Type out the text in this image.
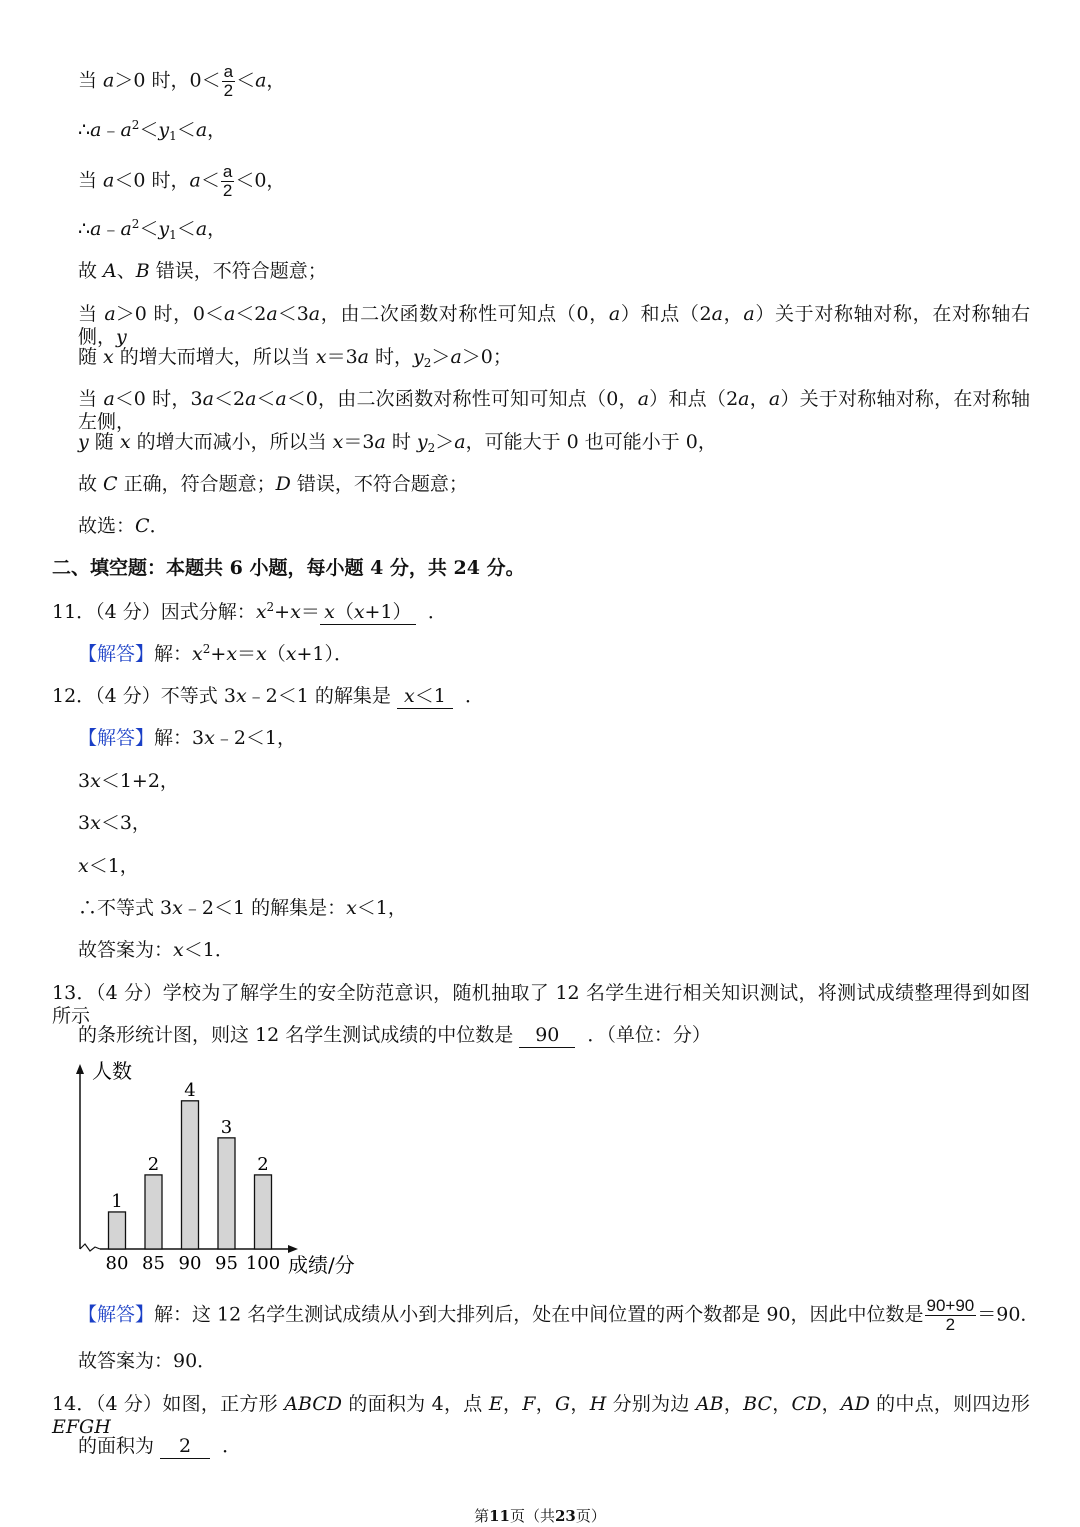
当 a＞0 时，$0< \frac{a}{2} <a$，
$\therefore a﹣a^2<y_1<a$，
当 a＜0 时，$a< \frac{a}{2} <0$，
$\therefore a﹣a^2<y_1<a$，
故 A、B 错误，不符合题意；
当 a＞0 时，0＜a＜2a＜3a，由二次函数对称性可知点（0，a）和点（2a，a）关于对称轴对称，在对称轴右侧，y
随 x 的增大而增大，所以当 x＝3a 时，$y_2>a>0$；
当 a＜0 时，3a＜2a＜a＜0，由二次函数对称性可知可知点（0，a）和点（2a，a）关于对称轴对称，在对称轴左侧，
y 随 x 的增大而减小，所以当 x＝3a 时 $y_2>a$，可能大于 0 也可能小于 0，
故 C 正确，符合题意；D 错误，不符合题意；
故选：C．
二、填空题：本题共 6 小题，每小题 4 分，共 24 分。
11．（4 分）因式分解：$x^2+x= x(x+1)$  ．
【解答】解：$x^2+x=x(x+1)$．
12．（4 分）不等式 3x﹣2＜1 的解集是 x＜1  ．
【解答】解：3x﹣2＜1，
3x＜1+2，
3x＜3，
x＜1，
∴不等式 3x﹣2＜1 的解集是：x＜1，
故答案为：x＜1．
13．（4 分）学校为了解学生的安全防范意识，随机抽取了 12 名学生进行相关知识测试，将测试成绩整理得到如图所示
的条形统计图，则这 12 名学生测试成绩的中位数是 90  ．（单位：分）
人数
成绩/分
1
80
2
85
4
90
3
95
2
100
【解答】解：这 12 名学生测试成绩从小到大排列后，处在中间位置的两个数都是 90，因此中位数是 $\frac{90+90}{2} =90$．
故答案为：90．
14．（4 分）如图，正方形 ABCD 的面积为 4，点 E，F，G，H 分别为边 AB，BC，CD，AD 的中点，则四边形 EFGH
的面积为 2  ．
第11页（共23页）
